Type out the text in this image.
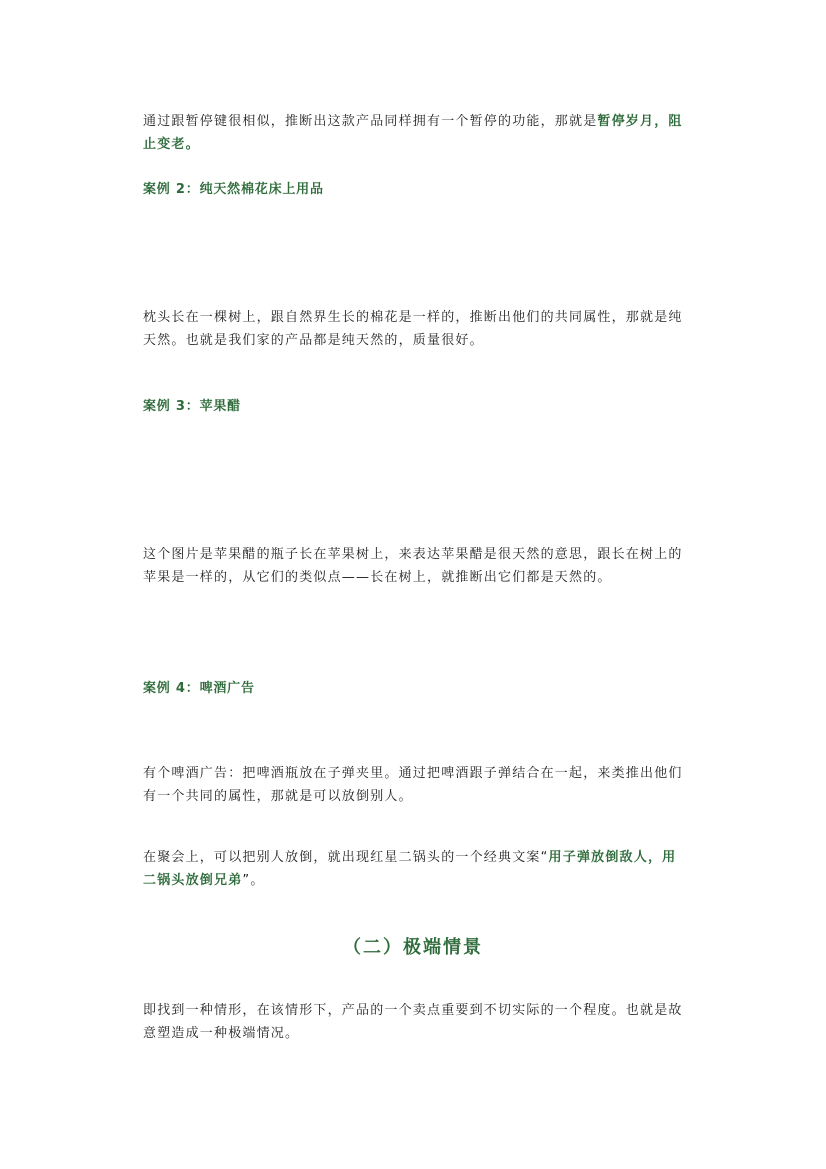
通过跟暂停键很相似，推断出这款产品同样拥有一个暂停的功能，那就是暂停岁月，阻止变老。

案例 2：纯天然棉花床上用品

枕头长在一棵树上，跟自然界生长的棉花是一样的，推断出他们的共同属性，那就是纯天然。也就是我们家的产品都是纯天然的，质量很好。

案例 3：苹果醋

这个图片是苹果醋的瓶子长在苹果树上，来表达苹果醋是很天然的意思，跟长在树上的苹果是一样的，从它们的类似点——长在树上，就推断出它们都是天然的。

案例 4：啤酒广告

有个啤酒广告：把啤酒瓶放在子弹夹里。通过把啤酒跟子弹结合在一起，来类推出他们有一个共同的属性，那就是可以放倒别人。

在聚会上，可以把别人放倒，就出现红星二锅头的一个经典文案“用子弹放倒敌人，用二锅头放倒兄弟”。

（二）极端情景

即找到一种情形，在该情形下，产品的一个卖点重要到不切实际的一个程度。也就是故意塑造成一种极端情况。
